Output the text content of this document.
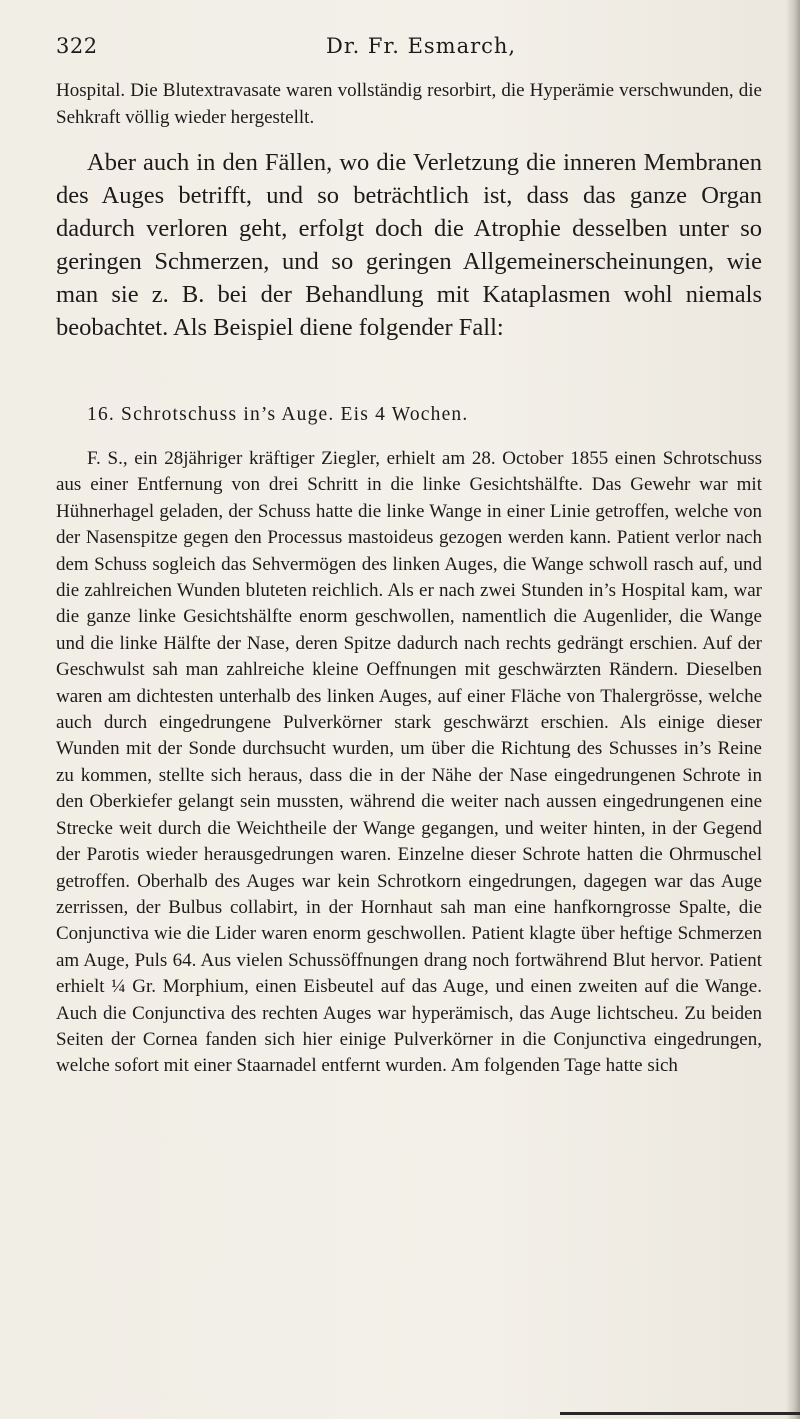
322	Dr. Fr. Esmarch,

Hospital. Die Blutextravasate waren vollständig resorbirt, die Hyperämie verschwunden, die Sehkraft völlig wieder hergestellt.

Aber auch in den Fällen, wo die Verletzung die inneren Membranen des Auges betrifft, und so beträchtlich ist, dass das ganze Organ dadurch verloren geht, erfolgt doch die Atrophie desselben unter so geringen Schmerzen, und so geringen Allgemeinerscheinungen, wie man sie z. B. bei der Behandlung mit Kataplasmen wohl niemals beobachtet. Als Beispiel diene folgender Fall:

16. Schrotschuss in’s Auge. Eis 4 Wochen.

F. S., ein 28jähriger kräftiger Ziegler, erhielt am 28. October 1855 einen Schrotschuss aus einer Entfernung von drei Schritt in die linke Gesichtshälfte. Das Gewehr war mit Hühnerhagel geladen, der Schuss hatte die linke Wange in einer Linie getroffen, welche von der Nasenspitze gegen den Processus mastoideus gezogen werden kann. Patient verlor nach dem Schuss sogleich das Sehvermögen des linken Auges, die Wange schwoll rasch auf, und die zahlreichen Wunden bluteten reichlich. Als er nach zwei Stunden in’s Hospital kam, war die ganze linke Gesichtshälfte enorm geschwollen, namentlich die Augenlider, die Wange und die linke Hälfte der Nase, deren Spitze dadurch nach rechts gedrängt erschien. Auf der Geschwulst sah man zahlreiche kleine Oeffnungen mit geschwärzten Rändern. Dieselben waren am dichtesten unterhalb des linken Auges, auf einer Fläche von Thalergrösse, welche auch durch eingedrungene Pulverkörner stark geschwärzt erschien. Als einige dieser Wunden mit der Sonde durchsucht wurden, um über die Richtung des Schusses in’s Reine zu kommen, stellte sich heraus, dass die in der Nähe der Nase eingedrungenen Schrote in den Oberkiefer gelangt sein mussten, während die weiter nach aussen eingedrungenen eine Strecke weit durch die Weichtheile der Wange gegangen, und weiter hinten, in der Gegend der Parotis wieder herausgedrungen waren. Einzelne dieser Schrote hatten die Ohrmuschel getroffen. Oberhalb des Auges war kein Schrotkorn eingedrungen, dagegen war das Auge zerrissen, der Bulbus collabirt, in der Hornhaut sah man eine hanfkorngrosse Spalte, die Conjunctiva wie die Lider waren enorm geschwollen. Patient klagte über heftige Schmerzen am Auge, Puls 64. Aus vielen Schussöffnungen drang noch fortwährend Blut hervor. Patient erhielt ¼ Gr. Morphium, einen Eisbeutel auf das Auge, und einen zweiten auf die Wange. Auch die Conjunctiva des rechten Auges war hyperämisch, das Auge lichtscheu. Zu beiden Seiten der Cornea fanden sich hier einige Pulverkörner in die Conjunctiva eingedrungen, welche sofort mit einer Staarnadel entfernt wurden. Am folgenden Tage hatte sich
